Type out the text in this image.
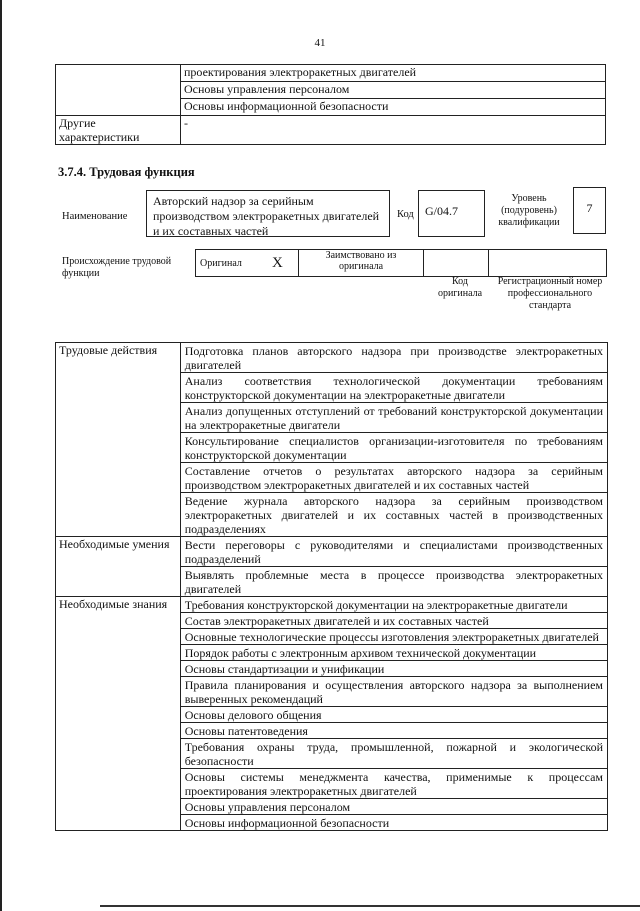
41
	проектирования электроракетных двигателей
	Основы управления персоналом
	Основы информационной безопасности
Другие характеристики	-
3.7.4. Трудовая функция
Наименование
Авторский надзор за серийным производством электроракетных двигателей и их составных частей
Код G/04.7
Уровень (подуровень) квалификации
7
Происхождение трудовой функции
Оригинал	X	Заимствовано из оригинала		
Код оригинала
Регистрационный номер профессионального стандарта
Трудовые действия	Подготовка планов авторского надзора при производстве электроракетных двигателей
	Анализ соответствия технологической документации требованиям конструкторской документации на электроракетные двигатели
	Анализ допущенных отступлений от требований конструкторской документации на электроракетные двигатели
	Консультирование специалистов организации-изготовителя по требованиям конструкторской документации
	Составление отчетов о результатах авторского надзора за серийным производством электроракетных двигателей и их составных частей
	Ведение журнала авторского надзора за серийным производством электроракетных двигателей и их составных частей в производственных подразделениях
Необходимые умения	Вести переговоры с руководителями и специалистами производственных подразделений
	Выявлять проблемные места в процессе производства электроракетных двигателей
Необходимые знания	Требования конструкторской документации на электроракетные двигатели
	Состав электроракетных двигателей и их составных частей
	Основные технологические процессы изготовления электроракетных двигателей
	Порядок работы с электронным архивом технической документации
	Основы стандартизации и унификации
	Правила планирования и осуществления авторского надзора за выполнением выверенных рекомендаций
	Основы делового общения
	Основы патентоведения
	Требования охраны труда, промышленной, пожарной и экологической безопасности
	Основы системы менеджмента качества, применимые к процессам проектирования электроракетных двигателей
	Основы управления персоналом
	Основы информационной безопасности
